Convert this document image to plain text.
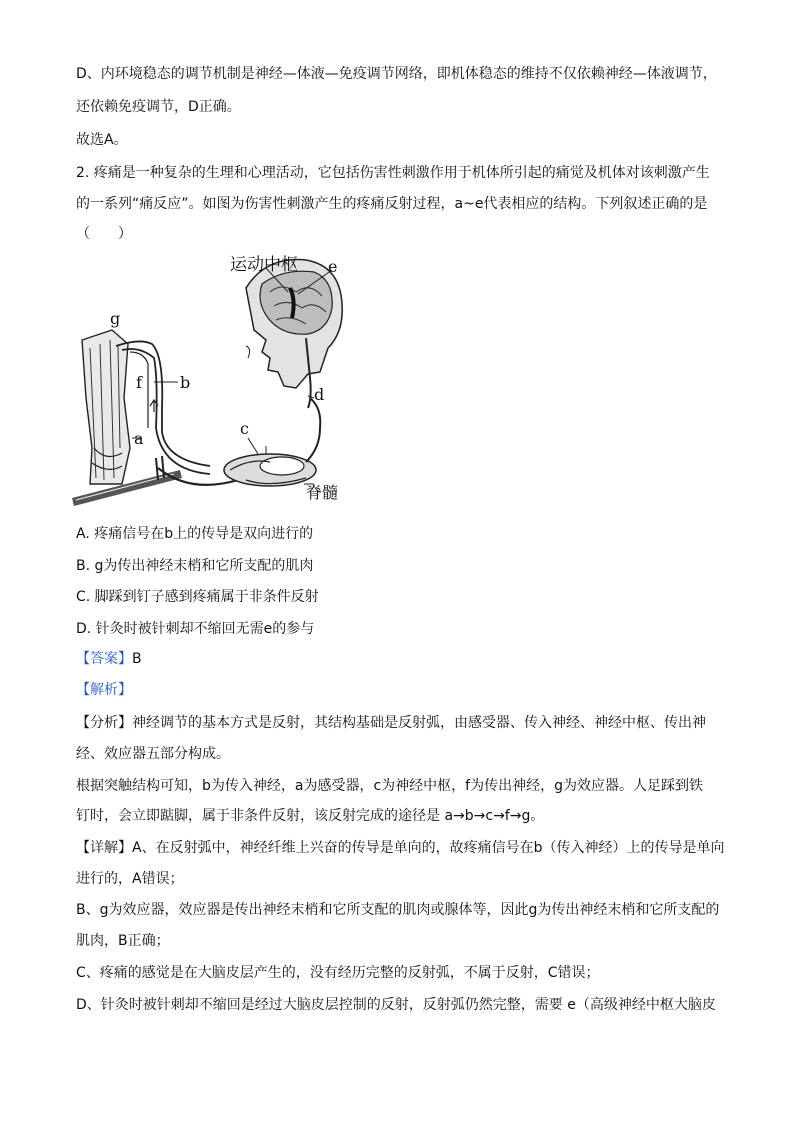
D、内环境稳态的调节机制是神经—体液—免疫调节网络，即机体稳态的维持不仅依赖神经—体液调节，
还依赖免疫调节，D正确。
故选A。
2. 疼痛是一种复杂的生理和心理活动，它包括伤害性刺激作用于机体所引起的痛觉及机体对该刺激产生
的一系列“痛反应”。如图为伤害性刺激产生的疼痛反射过程，a~e代表相应的结构。下列叙述正确的是
（　　）
运动中枢 e
g
f b
a
c
d
脊髓
A. 疼痛信号在b上的传导是双向进行的
B. g为传出神经末梢和它所支配的肌肉
C. 脚踩到钉子感到疼痛属于非条件反射
D. 针灸时被针刺却不缩回无需e的参与
【答案】B
【解析】
【分析】神经调节的基本方式是反射，其结构基础是反射弧，由感受器、传入神经、神经中枢、传出神
经、效应器五部分构成。
根据突触结构可知，b为传入神经，a为感受器，c为神经中枢，f为传出神经，g为效应器。人足踩到铁
钉时，会立即踮脚，属于非条件反射，该反射完成的途径是 a→b→c→f→g。
【详解】A、在反射弧中，神经纤维上兴奋的传导是单向的，故疼痛信号在b（传入神经）上的传导是单向
进行的，A错误；
B、g为效应器，效应器是传出神经末梢和它所支配的肌肉或腺体等，因此g为传出神经末梢和它所支配的
肌肉，B正确；
C、疼痛的感觉是在大脑皮层产生的，没有经历完整的反射弧，不属于反射，C错误；
D、针灸时被针刺却不缩回是经过大脑皮层控制的反射，反射弧仍然完整，需要 e（高级神经中枢大脑皮
